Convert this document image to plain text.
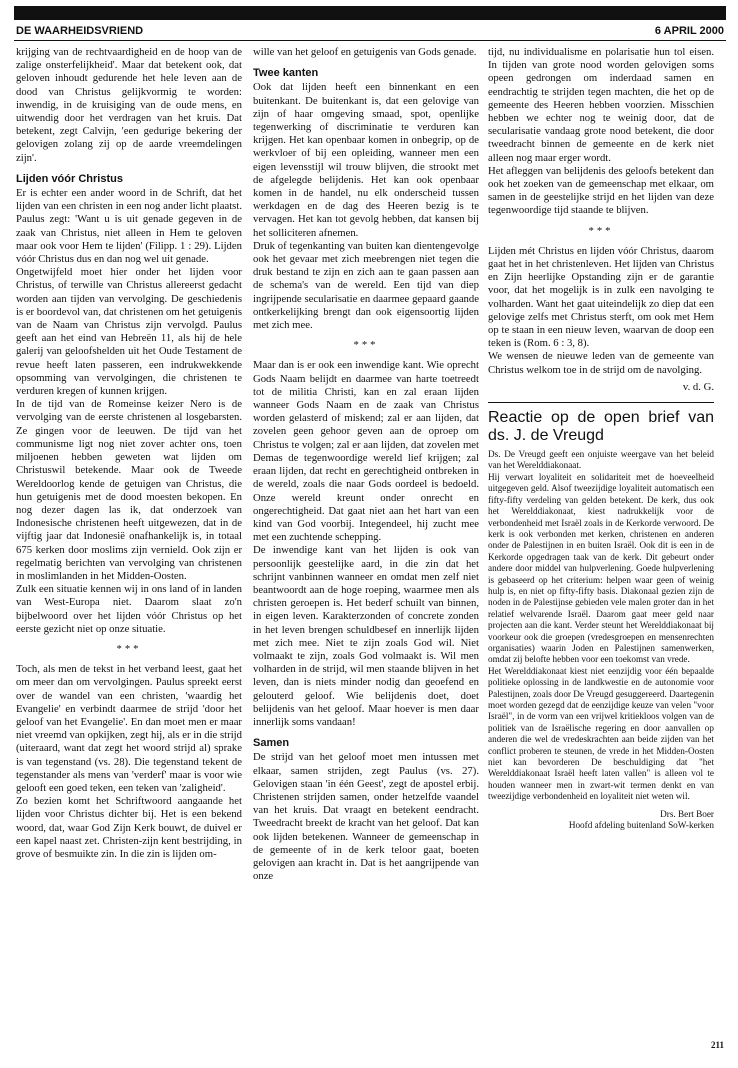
DE WAARHEIDSVRIEND	6 APRIL 2000

krijging van de rechtvaardigheid en de hoop van de zalige onsterfelijkheid'. Maar dat betekent ook, dat geloven inhoudt gedurende het hele leven aan de dood van Christus gelijkvormig te worden: inwendig, in de kruisiging van de oude mens, en uitwendig door het verdragen van het kruis. Dat betekent, zegt Calvijn, 'een gedurige bekering der gelovigen zolang zij op de aarde vreemdelingen zijn'.

Lijden vóór Christus

Er is echter een ander woord in de Schrift, dat het lijden van een christen in een nog ander licht plaatst. Paulus zegt: 'Want u is uit genade gegeven in de zaak van Christus, niet alleen in Hem te geloven maar ook voor Hem te lijden' (Filipp. 1 : 29). Lijden vóór Christus dus en dan nog wel uit genade.

Ongetwijfeld moet hier onder het lijden voor Christus, of terwille van Christus allereerst gedacht worden aan tijden van vervolging. De geschiedenis is er boordevol van, dat christenen om het getuigenis van de Naam van Christus zijn vervolgd. Paulus geeft aan het eind van Hebreën 11, als hij de hele galerij van geloofshelden uit het Oude Testament de revue heeft laten passeren, een indrukwekkende opsomming van vervolgingen, die christenen te verduren kregen of kunnen krijgen.

In de tijd van de Romeinse keizer Nero is de vervolging van de eerste christenen al losgebarsten. Ze gingen voor de leeuwen. De tijd van het communisme ligt nog niet zover achter ons, toen miljoenen hebben geweten wat lijden om Christuswil betekende. Maar ook de Tweede Wereldoorlog kende de getuigen van Christus, die hun getuigenis met de dood moesten bekopen. En nog dezer dagen las ik, dat onderzoek van Indonesische christenen heeft uitgewezen, dat in de vijftig jaar dat Indonesië onafhankelijk is, in totaal 675 kerken door moslims zijn vernield. Ook zijn er regelmatig berichten van vervolging van christenen in moslimlanden in het Midden-Oosten.

Zulk een situatie kennen wij in ons land of in landen van West-Europa niet. Daarom slaat zo'n bijbelwoord over het lijden vóór Christus op het eerste gezicht niet op onze situatie.

***

Toch, als men de tekst in het verband leest, gaat het om meer dan om vervolgingen. Paulus spreekt eerst over de wandel van een christen, 'waardig het Evangelie' en verbindt daarmee de strijd 'door het geloof van het Evangelie'. En dan moet men er maar niet vreemd van opkijken, zegt hij, als er in die strijd (uiteraard, want dat zegt het woord strijd al) sprake is van tegenstand (vs. 28). Die tegenstand tekent de tegenstander als mens van 'verderf' maar is voor wie gelooft een goed teken, een teken van 'zaligheid'.

Zo bezien komt het Schriftwoord aangaande het lijden voor Christus dichter bij. Het is een bekend woord, dat, waar God Zijn Kerk bouwt, de duivel er een kapel naast zet. Christen-zijn kent bestrijding, in grove of besmuikte zin. In die zin is lijden om-

wille van het geloof en getuigenis van Gods genade.

Twee kanten

Ook dat lijden heeft een binnenkant en een buitenkant. De buitenkant is, dat een gelovige van zijn of haar omgeving smaad, spot, openlijke tegenwerking of discriminatie te verduren kan krijgen. Het kan openbaar komen in onbegrip, op de werkvloer of bij een opleiding, wanneer men een eigen levensstijl wil trouw blijven, die strookt met de afgelegde belijdenis. Het kan ook openbaar komen in de handel, nu elk onderscheid tussen werkdagen en de dag des Heeren bezig is te vervagen. Het kan tot gevolg hebben, dat kansen bij het solliciteren afnemen.

Druk of tegenkanting van buiten kan dientengevolge ook het gevaar met zich meebrengen niet tegen die druk bestand te zijn en zich aan te gaan passen aan de schema's van de wereld. Een tijd van diep ingrijpende secularisatie en daarmee gepaard gaande ontkerkelijking brengt dan ook eigensoortig lijden met zich mee.

***

Maar dan is er ook een inwendige kant. Wie oprecht Gods Naam belijdt en daarmee van harte toetreedt tot de militia Christi, kan en zal eraan lijden wanneer Gods Naam en de zaak van Christus worden gelasterd of miskend; zal er aan lijden, dat zovelen geen gehoor geven aan de oproep om Christus te volgen; zal er aan lijden, dat zovelen met Demas de tegenwoordige wereld lief krijgen; zal eraan lijden, dat recht en gerechtigheid ontbreken in de wereld, zoals die naar Gods oordeel is bedoeld. Onze wereld kreunt onder onrecht en ongerechtigheid. Dat gaat niet aan het hart van een kind van God voorbij. Integendeel, hij zucht mee met een zuchtende schepping.

De inwendige kant van het lijden is ook van persoonlijk geestelijke aard, in die zin dat het schrijnt vanbinnen wanneer en omdat men zelf niet beantwoordt aan de hoge roeping, waarmee men als christen geroepen is. Het bederf schuilt van binnen, in eigen leven. Karakterzonden of concrete zonden in het leven brengen schuldbesef en innerlijk lijden met zich mee. Niet te zijn zoals God wil. Niet volmaakt te zijn, zoals God volmaakt is. Wil men volharden in de strijd, wil men staande blijven in het leven, dan is niets minder nodig dan geoefend en gelouterd geloof. Wie belijdenis doet, doet belijdenis van het geloof. Maar hoever is men daar innerlijk soms vandaan!

Samen

De strijd van het geloof moet men intussen met elkaar, samen strijden, zegt Paulus (vs. 27). Gelovigen staan 'in één Geest', zegt de apostel erbij. Christenen strijden samen, onder hetzelfde vaandel van het kruis. Dat vraagt en betekent eendracht. Tweedracht breekt de kracht van het geloof. Dat kan ook lijden betekenen. Wanneer de gemeenschap in de gemeente of in de kerk teloor gaat, boeten gelovigen aan kracht in. Dat is het aangrijpende van onze

tijd, nu individualisme en polarisatie hun tol eisen. In tijden van grote nood worden gelovigen soms opeen gedrongen om inderdaad samen en eendrachtig te strijden tegen machten, die het op de gemeente des Heeren hebben voorzien. Misschien hebben we echter nog te weinig door, dat de secularisatie vandaag grote nood betekent, die door tweedracht binnen de gemeente en de kerk niet alleen nog maar erger wordt.

Het afleggen van belijdenis des geloofs betekent dan ook het zoeken van de gemeenschap met elkaar, om samen in de geestelijke strijd en het lijden van deze tegenwoordige tijd staande te blijven.

***

Lijden mét Christus en lijden vóór Christus, daarom gaat het in het christenleven. Het lijden van Christus en Zijn heerlijke Opstanding zijn er de garantie voor, dat het mogelijk is in zulk een navolging te volharden. Want het gaat uiteindelijk zo diep dat een gelovige zelfs met Christus sterft, om ook met Hem op te staan in een nieuw leven, waarvan de doop een teken is (Rom. 6 : 3, 8).

We wensen de nieuwe leden van de gemeente van Christus welkom toe in de strijd om de navolging.

v. d. G.
Reactie op de open brief van ds. J. de Vreugd

Ds. De Vreugd geeft een onjuiste weergave van het beleid van het Werelddiakonaat.

Hij verwart loyaliteit en solidariteit met de hoeveelheid uitgegeven geld. Alsof tweezijdige loyaliteit automatisch een fifty-fifty verdeling van gelden betekent. De kerk, dus ook het Werelddiakonaat, kiest nadrukkelijk voor de verbondenheid met Israël zoals in de Kerkorde verwoord. De kerk is ook verbonden met kerken, christenen en anderen onder de Palestijnen in en buiten Israël. Ook dit is een in de Kerkorde opgedragen taak van de kerk. Dit gebeurt onder andere door middel van hulpverlening. Goede hulpverlening is gebaseerd op het criterium: helpen waar geen of weinig hulp is, en niet op fifty-fifty basis. Diakonaal gezien zijn de noden in de Palestijnse gebieden vele malen groter dan in het relatief welvarende Israël. Daarom gaat meer geld naar projecten aan die kant. Verder steunt het Werelddiakonaat bij voorkeur ook die groepen (vredesgroepen en mensenrechten organisaties) waarin Joden en Palestijnen samenwerken, omdat zij belofte hebben voor een toekomst van vrede.

Het Werelddiakonaat kiest niet eenzijdig voor één bepaalde politieke oplossing in de landkwestie en de autonomie voor Palestijnen, zoals door De Vreugd gesuggereerd. Daartegenin moet worden gezegd dat de eenzijdige keuze van velen "voor Israël", in de vorm van een vrijwel kritiekloos volgen van de politiek van de Israëlische regering en door aanvallen op anderen die wel de vredeskrachten aan beide zijden van het conflict proberen te steunen, de vrede in het Midden-Oosten niet kan bevorderen De beschuldiging dat "het Werelddiakonaat Israël heeft laten vallen" is alleen vol te houden wanneer men in zwart-wit termen denkt en van tweezijdige verbondenheid en loyaliteit niet weten wil.

Drs. Bert Boer
Hoofd afdeling buitenland SoW-kerken
211
